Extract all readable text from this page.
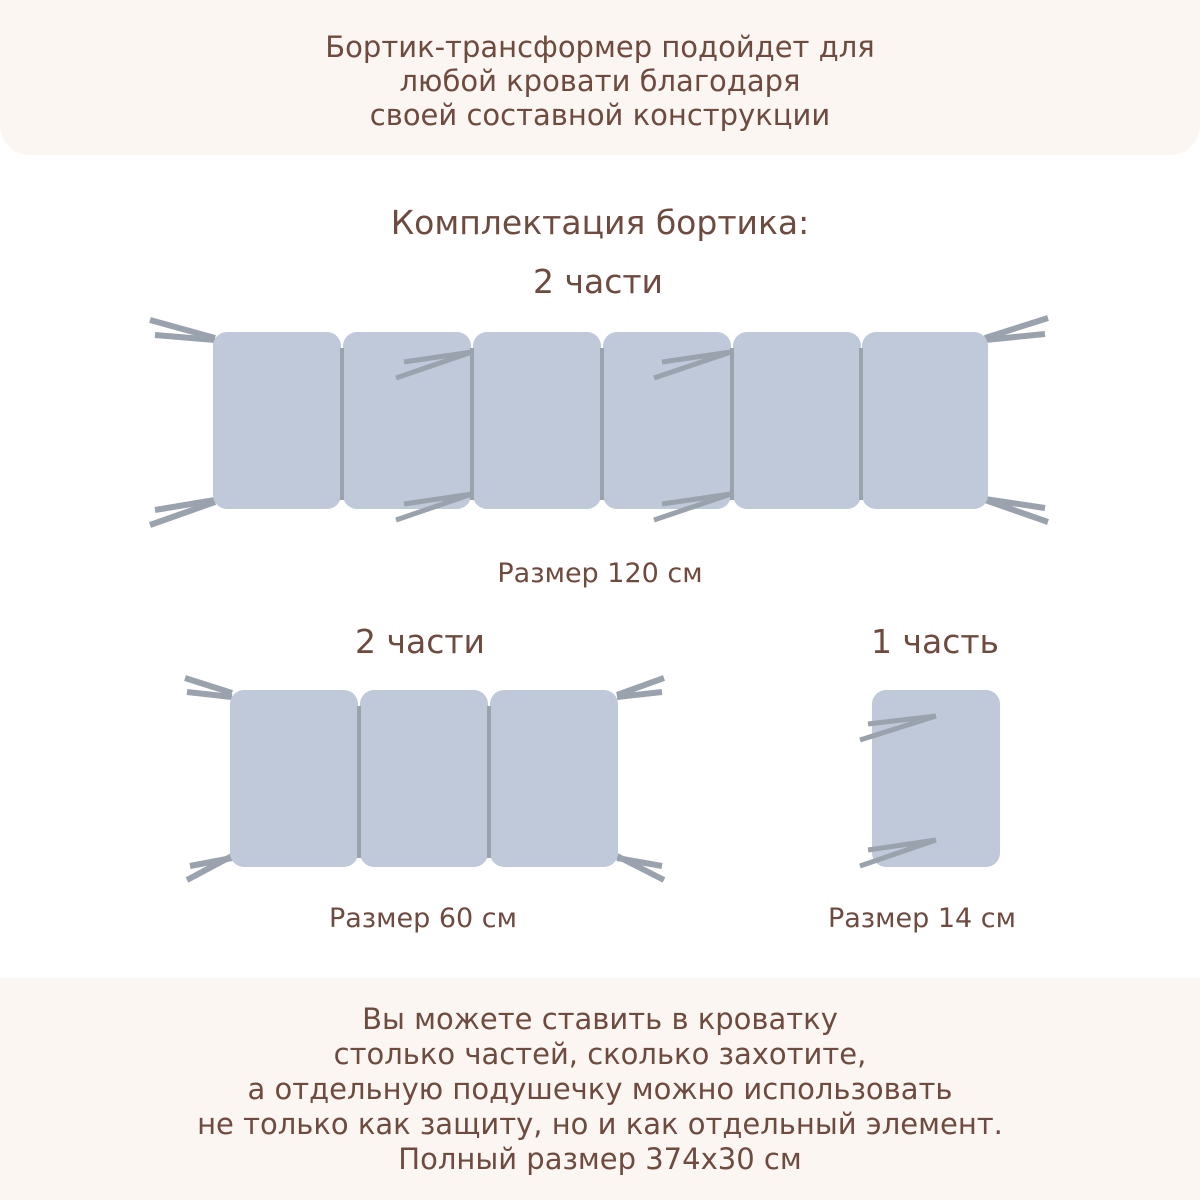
Бортик-трансформер подойдет для
любой кровати благодаря
своей составной конструкции
Комплектация бортика:
2 части
Размер 120 см
2 части
Размер 60 см
1 часть
Размер 14 см
Вы можете ставить в кроватку
столько частей, сколько захотите,
а отдельную подушечку можно использовать
не только как защиту, но и как отдельный элемент.
Полный размер 374x30 см
